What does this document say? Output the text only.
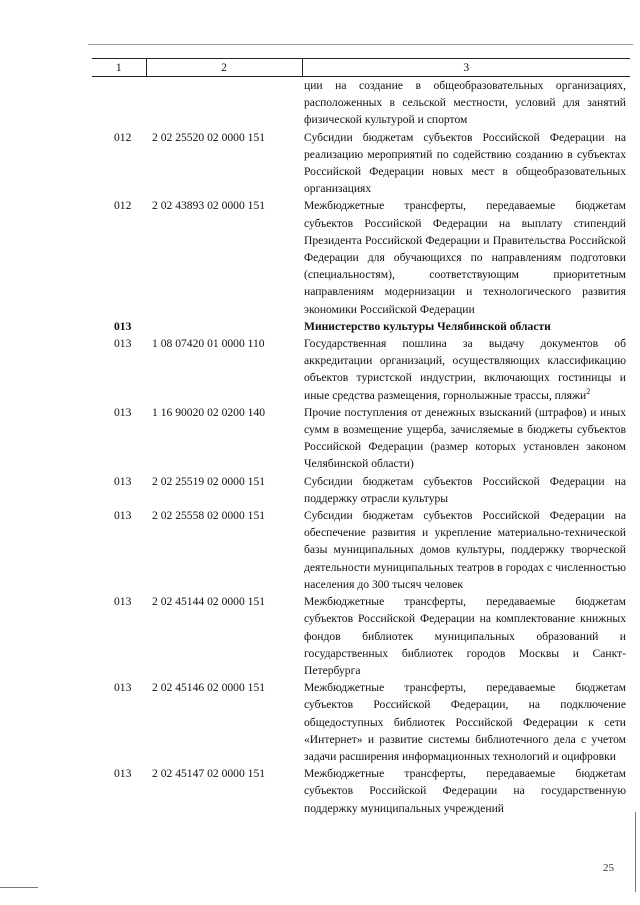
1	2	3
		ции на создание в общеобразовательных организациях, расположенных в сельской местности, условий для занятий физической культурой и спортом
012	2 02 25520 02 0000 151	Субсидии бюджетам субъектов Российской Федерации на реализацию мероприятий по содействию созданию в субъектах Российской Федерации новых мест в общеобразовательных организациях
012	2 02 43893 02 0000 151	Межбюджетные трансферты, передаваемые бюджетам субъектов Российской Федерации на выплату стипендий Президента Российской Федерации и Правительства Российской Федерации для обучающихся по направлениям подготовки (специальностям), соответствующим приоритетным направлениям модернизации и технологического развития экономики Российской Федерации
013		Министерство культуры Челябинской области
013	1 08 07420 01 0000 110	Государственная пошлина за выдачу документов об аккредитации организаций, осуществляющих классификацию объектов туристской индустрии, включающих гостиницы и иные средства размещения, горнолыжные трассы, пляжи$^2$
013	1 16 90020 02 0200 140	Прочие поступления от денежных взысканий (штрафов) и иных сумм в возмещение ущерба, зачисляемые в бюджеты субъектов Российской Федерации (размер которых установлен законом Челябинской области)
013	2 02 25519 02 0000 151	Субсидии бюджетам субъектов Российской Федерации на поддержку отрасли культуры
013	2 02 25558 02 0000 151	Субсидии бюджетам субъектов Российской Федерации на обеспечение развития и укрепление материально-технической базы муниципальных домов культуры, поддержку творческой деятельности муниципальных театров в городах с численностью населения до 300 тысяч человек
013	2 02 45144 02 0000 151	Межбюджетные трансферты, передаваемые бюджетам субъектов Российской Федерации на комплектование книжных фондов библиотек муниципальных образований и государственных библиотек городов Москвы и Санкт-Петербурга
013	2 02 45146 02 0000 151	Межбюджетные трансферты, передаваемые бюджетам субъектов Российской Федерации, на подключение общедоступных библиотек Российской Федерации к сети «Интернет» и развитие системы библиотечного дела с учетом задачи расширения информационных технологий и оцифровки
013	2 02 45147 02 0000 151	Межбюджетные трансферты, передаваемые бюджетам субъектов Российской Федерации на государственную поддержку муниципальных учреждений
25
